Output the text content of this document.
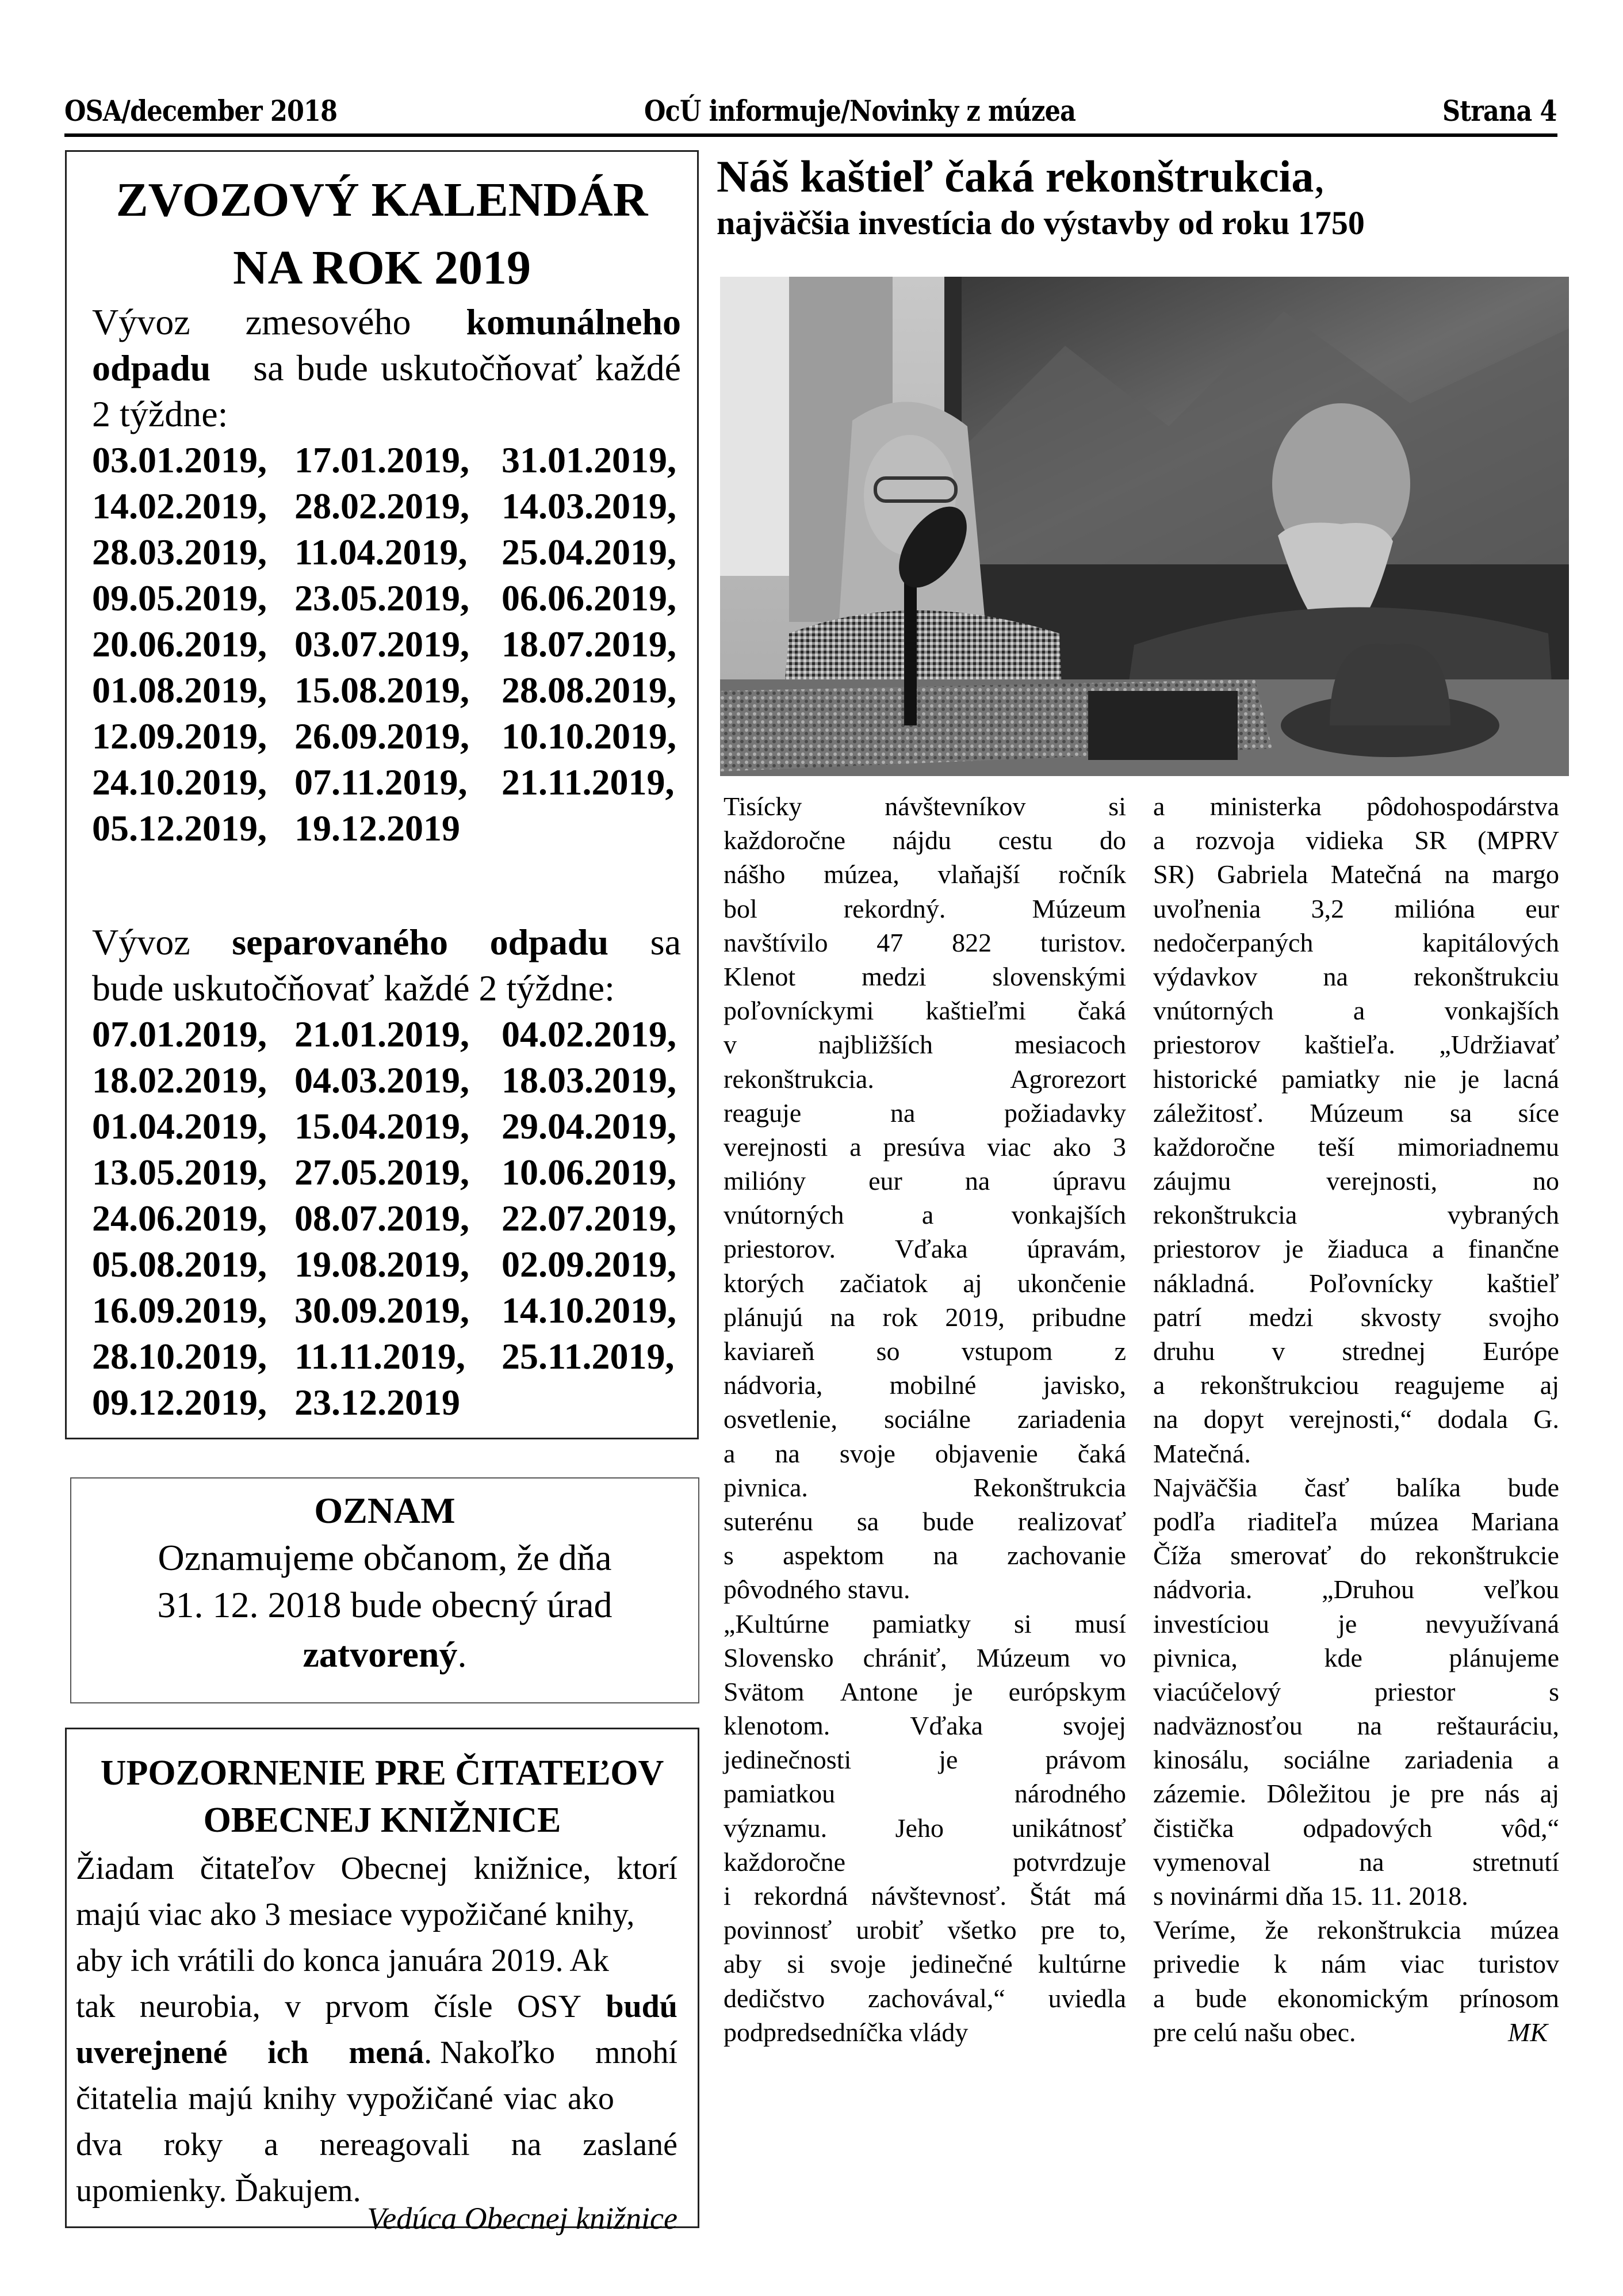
OSA/december 2018	OcÚ informuje/Novinky z múzea	Strana 4
ZVOZOVÝ KALENDÁR
NA ROK 2019
Vývoz zmesového komunálneho
odpadu sa bude uskutočňovať každé
2 týždne:
03.01.2019, 17.01.2019, 31.01.2019,
14.02.2019, 28.02.2019, 14.03.2019,
28.03.2019, 11.04.2019, 25.04.2019,
09.05.2019, 23.05.2019, 06.06.2019,
20.06.2019, 03.07.2019, 18.07.2019,
01.08.2019, 15.08.2019, 28.08.2019,
12.09.2019, 26.09.2019, 10.10.2019,
24.10.2019, 07.11.2019, 21.11.2019,
05.12.2019, 19.12.2019
Vývoz separovaného odpadu sa
bude uskutočňovať každé 2 týždne:
07.01.2019, 21.01.2019, 04.02.2019,
18.02.2019, 04.03.2019, 18.03.2019,
01.04.2019, 15.04.2019, 29.04.2019,
13.05.2019, 27.05.2019, 10.06.2019,
24.06.2019, 08.07.2019, 22.07.2019,
05.08.2019, 19.08.2019, 02.09.2019,
16.09.2019, 30.09.2019, 14.10.2019,
28.10.2019, 11.11.2019, 25.11.2019,
09.12.2019, 23.12.2019
OZNAM
Oznamujeme občanom, že dňa
31. 12. 2018 bude obecný úrad
zatvorený.
UPOZORNENIE PRE ČITATEĽOV
OBECNEJ KNIŽNICE
Žiadam čitateľov Obecnej knižnice, ktorí
majú viac ako 3 mesiace vypožičané knihy,
aby ich vrátili do konca januára 2019. Ak
tak neurobia, v prvom čísle OSY budú
uverejnené ich mená. Nakoľko mnohí
čitatelia majú knihy vypožičané viac ako
dva roky a nereagovali na zaslané
upomienky. Ďakujem.
Vedúca Obecnej knižnice
Náš kaštieľ čaká rekonštrukcia,
najväčšia investícia do výstavby od roku 1750
Tisícky	návštevníkov	si
každoročne nájdu cestu do
nášho múzea, vlaňajší ročník
bol	rekordný.	Múzeum
navštívilo 47 822 turistov.
Klenot medzi slovenskými
poľovníckymi kaštieľmi čaká
v	najbližších	mesiacoch
rekonštrukcia.	Agrorezort
reaguje	na	požiadavky
verejnosti a presúva viac ako 3
milióny eur na úpravu
vnútorných	a	vonkajších
priestorov. Vďaka úpravám,
ktorých začiatok aj ukončenie
plánujú na rok 2019, pribudne
kaviareň so vstupom z
nádvoria,	mobilné	javisko,
osvetlenie, sociálne zariadenia
a na svoje objavenie čaká
pivnica.	Rekonštrukcia
suterénu sa bude realizovať
s aspektom na zachovanie
pôvodného stavu.
„Kultúrne pamiatky si musí
Slovensko chrániť, Múzeum vo
Svätom Antone je európskym
klenotom.	Vďaka	svojej
jedinečnosti	je	právom
pamiatkou	národného
významu.	Jeho	unikátnosť
každoročne	potvrdzuje
i rekordná návštevnosť. Štát má
povinnosť urobiť všetko pre to,
aby si svoje jedinečné kultúrne
dedičstvo zachovával,“ uviedla
podpredsedníčka vlády
a ministerka pôdohospodárstva
a rozvoja vidieka SR (MPRV
SR) Gabriela Matečná na margo
uvoľnenia 3,2 milióna eur
nedočerpaných	kapitálových
výdavkov na rekonštrukciu
vnútorných	a	vonkajších
priestorov kaštieľa. „Udržiavať
historické pamiatky nie je lacná
záležitosť. Múzeum sa síce
každoročne teší mimoriadnemu
záujmu	verejnosti,	no
rekonštrukcia	vybraných
priestorov je žiaduca a finančne
nákladná. Poľovnícky kaštieľ
patrí medzi skvosty svojho
druhu v strednej Európe
a rekonštrukciou reagujeme aj
na dopyt verejnosti,“ dodala G.
Matečná.
Najväčšia časť balíka bude
podľa riaditeľa múzea Mariana
Číža smerovať do rekonštrukcie
nádvoria.	„Druhou	veľkou
investíciou	je	nevyužívaná
pivnica,	kde	plánujeme
viacúčelový	priestor	s
nadväznosťou na reštauráciu,
kinosálu, sociálne zariadenia a
zázemie. Dôležitou je pre nás aj
čistička	odpadových	vôd,“
vymenoval	na	stretnutí
s novinármi dňa 15. 11. 2018.
Veríme, že rekonštrukcia múzea
privedie k nám viac turistov
a bude ekonomickým prínosom
pre celú našu obec.	MK
